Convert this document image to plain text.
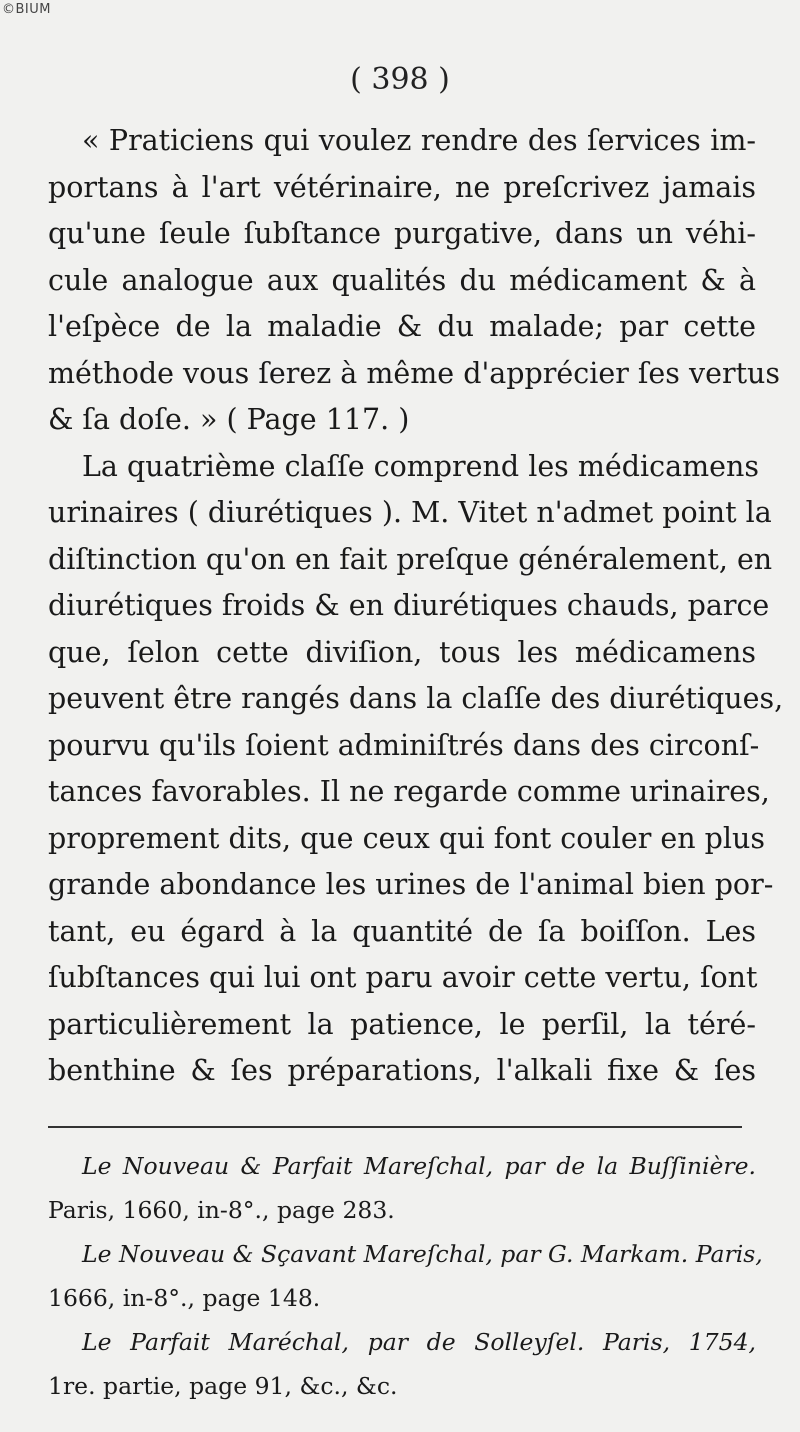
©BIUM
( 398 )
« Praticiens qui voulez rendre des ſervices im-
portans à l'art vétérinaire, ne preſcrivez jamais
qu'une ſeule ſubſtance purgative, dans un véhi-
cule analogue aux qualités du médicament & à
l'eſpèce de la maladie & du malade; par cette
méthode vous ſerez à même d'apprécier ſes vertus
& ſa doſe. » ( Page 117. )
La quatrième claſſe comprend les médicamens
urinaires ( diurétiques ). M. Vitet n'admet point la
diſtinction qu'on en fait preſque généralement, en
diurétiques froids & en diurétiques chauds, parce
que, ſelon cette diviſion, tous les médicamens
peuvent être rangés dans la claſſe des diurétiques,
pourvu qu'ils ſoient adminiſtrés dans des circonſ-
tances favorables. Il ne regarde comme urinaires,
proprement dits, que ceux qui font couler en plus
grande abondance les urines de l'animal bien por-
tant, eu égard à la quantité de ſa boiſſon. Les
ſubſtances qui lui ont paru avoir cette vertu, ſont
particulièrement la patience, le perſil, la téré-
benthine & ſes préparations, l'alkali fixe & ſes
Le Nouveau & Parfait Mareſchal, par de la Buſſinière.
Paris, 1660, in-8°., page 283.
Le Nouveau & Sçavant Mareſchal, par G. Markam. Paris,
1666, in-8°., page 148.
Le Parfait Maréchal, par de Solleyſel. Paris, 1754,
1re. partie, page 91, &c., &c.
